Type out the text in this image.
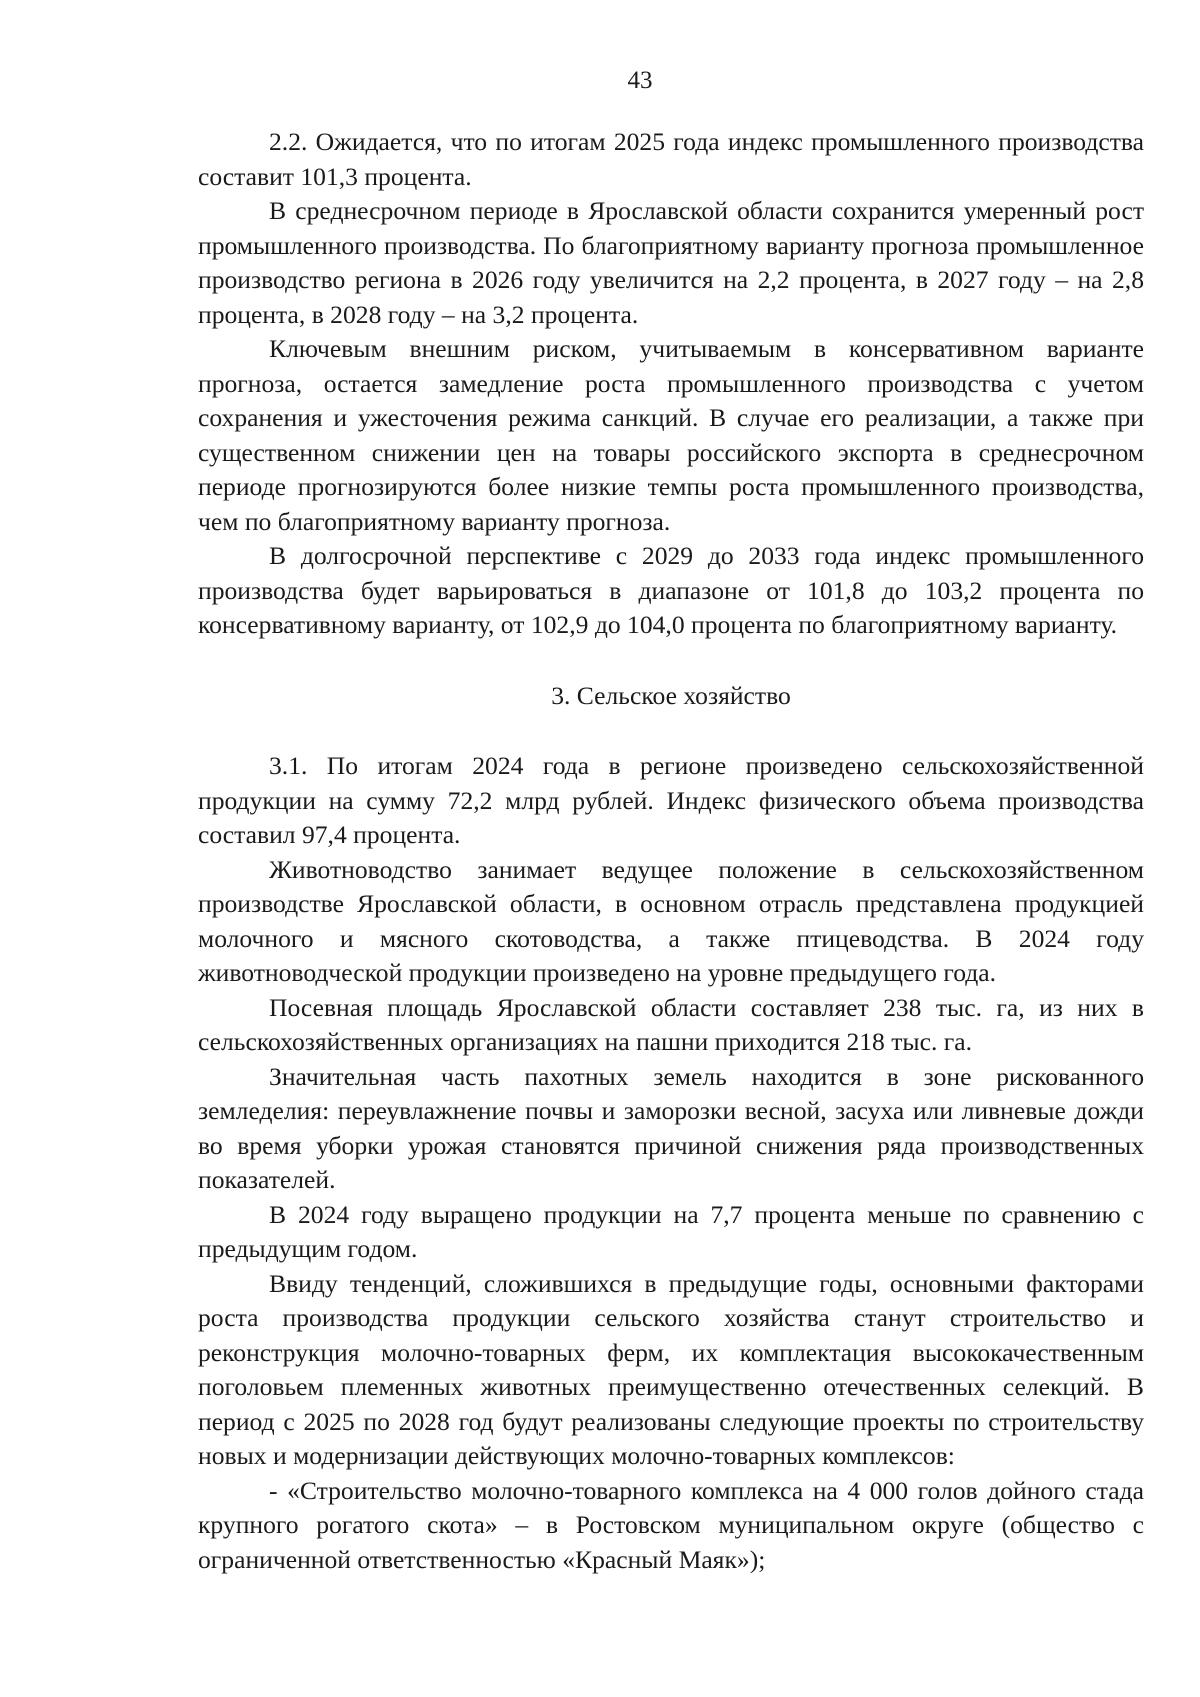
43

2.2. Ожидается, что по итогам 2025 года индекс промышленного производства составит 101,3 процента.

В среднесрочном периоде в Ярославской области сохранится умеренный рост промышленного производства. По благоприятному варианту прогноза промышленное производство региона в 2026 году увеличится на 2,2 процента, в 2027 году – на 2,8 процента, в 2028 году – на 3,2 процента.

Ключевым внешним риском, учитываемым в консервативном варианте прогноза, остается замедление роста промышленного производства с учетом сохранения и ужесточения режима санкций. В случае его реализации, а также при существенном снижении цен на товары российского экспорта в среднесрочном периоде прогнозируются более низкие темпы роста промышленного производства, чем по благоприятному варианту прогноза.

В долгосрочной перспективе с 2029 до 2033 года индекс промышленного производства будет варьироваться в диапазоне от 101,8 до 103,2 процента по консервативному варианту, от 102,9 до 104,0 процента по благоприятному варианту.

3. Сельское хозяйство

3.1. По итогам 2024 года в регионе произведено сельскохозяйственной продукции на сумму 72,2 млрд рублей. Индекс физического объема производства составил 97,4 процента.

Животноводство занимает ведущее положение в сельскохозяйственном производстве Ярославской области, в основном отрасль представлена продукцией молочного и мясного скотоводства, а также птицеводства. В 2024 году животноводческой продукции произведено на уровне предыдущего года.

Посевная площадь Ярославской области составляет 238 тыс. га, из них в сельскохозяйственных организациях на пашни приходится 218 тыс. га.

Значительная часть пахотных земель находится в зоне рискованного земледелия: переувлажнение почвы и заморозки весной, засуха или ливневые дожди во время уборки урожая становятся причиной снижения ряда производственных показателей.

В 2024 году выращено продукции на 7,7 процента меньше по сравнению с предыдущим годом.

Ввиду тенденций, сложившихся в предыдущие годы, основными факторами роста производства продукции сельского хозяйства станут строительство и реконструкция молочно-товарных ферм, их комплектация высококачественным поголовьем племенных животных преимущественно отечественных селекций. В период с 2025 по 2028 год будут реализованы следующие проекты по строительству новых и модернизации действующих молочно-товарных комплексов:

- «Строительство молочно-товарного комплекса на 4 000 голов дойного стада крупного рогатого скота» – в Ростовском муниципальном округе (общество с ограниченной ответственностью «Красный Маяк»);
